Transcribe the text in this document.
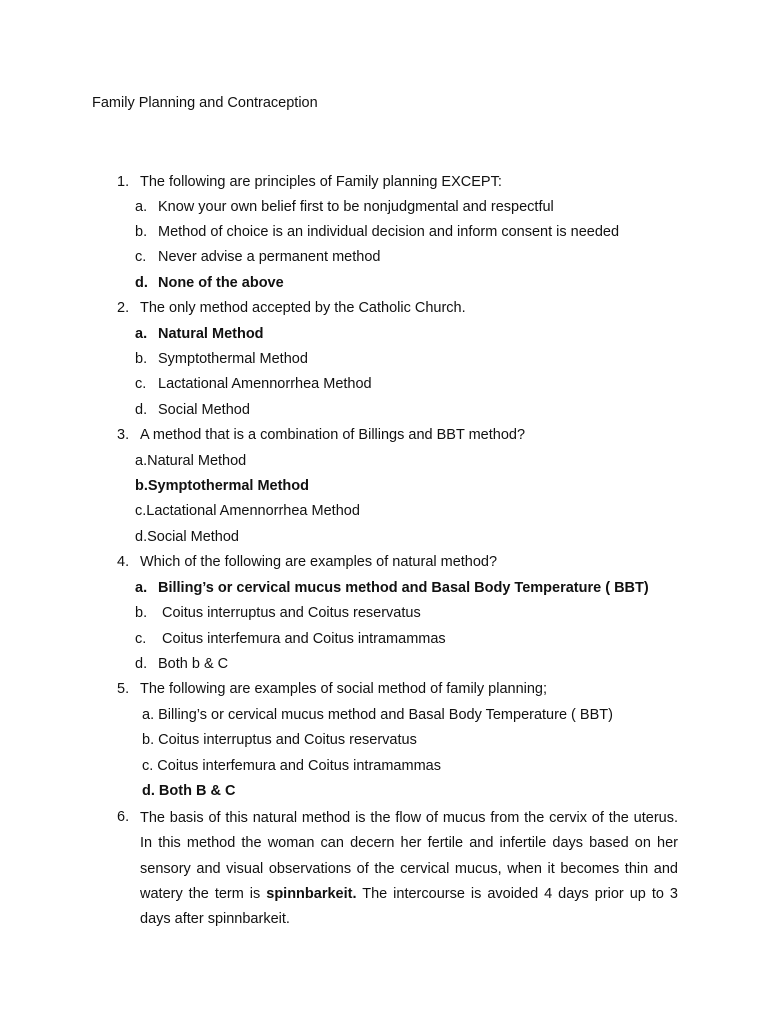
Family Planning and Contraception
1. The following are principles of Family planning EXCEPT:
a. Know your own belief first to be nonjudgmental and respectful
b. Method of choice is an individual decision and inform consent is needed
c. Never advise a permanent method
d. None of the above
2. The only method accepted by the Catholic Church.
a. Natural Method
b. Symptothermal Method
c. Lactational Amennorrhea Method
d. Social Method
3. A method that is a combination of Billings and BBT method?
a.Natural Method
b.Symptothermal Method
c.Lactational Amennorrhea Method
d.Social Method
4. Which of the following are examples of natural method?
a. Billing’s or cervical mucus method and Basal Body Temperature ( BBT)
b. Coitus interruptus and Coitus reservatus
c. Coitus interfemura and Coitus intramammas
d. Both b & C
5. The following are examples of social method of family planning;
a. Billing’s or cervical mucus method and Basal Body Temperature ( BBT)
b. Coitus interruptus and Coitus reservatus
c. Coitus interfemura and Coitus intramammas
d. Both B & C
6. The basis of this natural method is the flow of mucus from the cervix of the uterus. In this method the woman can decern her fertile and infertile days based on her sensory and visual observations of the cervical mucus, when it becomes thin and watery the term is spinnbarkeit. The intercourse is avoided 4 days prior up to 3 days after spinnbarkeit.
